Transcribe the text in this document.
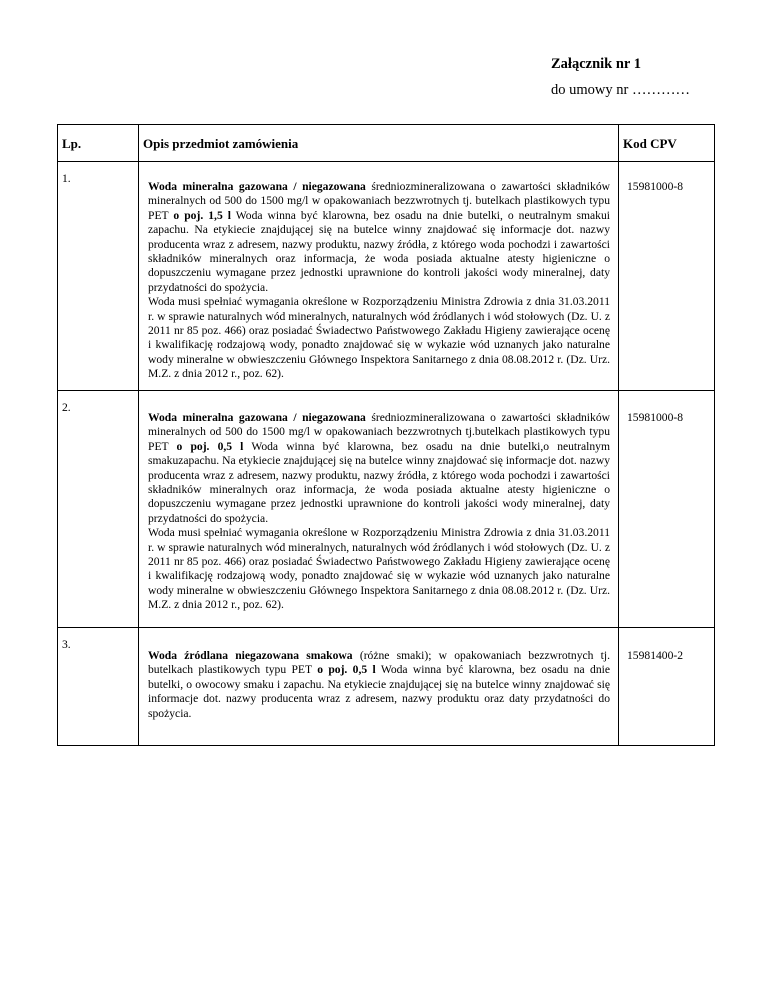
Załącznik nr 1
do umowy nr …………
Lp.	Opis przedmiot zamówienia	Kod CPV

1.	Woda mineralna gazowana / niegazowana średniozmineralizowana o zawartości składników mineralnych od 500 do 1500 mg/l w opakowaniach bezzwrotnych tj. butelkach plastikowych typu PET o poj. 1,5 l Woda winna być klarowna, bez osadu na dnie butelki, o neutralnym smakui zapachu. Na etykiecie znajdującej się na butelce winny znajdować się informacje dot. nazwy producenta wraz z adresem, nazwy produktu, nazwy źródła, z którego woda pochodzi i zawartości składników mineralnych oraz informacja, że woda posiada aktualne atesty higieniczne o dopuszczeniu wymagane przez jednostki uprawnione do kontroli jakości wody mineralnej, daty przydatności do spożycia.
Woda musi spełniać wymagania określone w Rozporządzeniu Ministra Zdrowia z dnia 31.03.2011 r. w sprawie naturalnych wód mineralnych, naturalnych wód źródlanych i wód stołowych (Dz. U. z 2011 nr 85 poz. 466) oraz posiadać Świadectwo Państwowego Zakładu Higieny zawierające ocenę i kwalifikację rodzajową wody, ponadto znajdować się w wykazie wód uznanych jako naturalne wody mineralne w obwieszczeniu Głównego Inspektora Sanitarnego z dnia 08.08.2012 r. (Dz. Urz. M.Z. z dnia 2012 r., poz. 62).	15981000-8

2.	Woda mineralna gazowana / niegazowana średniozmineralizowana o zawartości składników mineralnych od 500 do 1500 mg/l w opakowaniach bezzwrotnych tj.butelkach plastikowych typu PET o poj. 0,5 l Woda winna być klarowna, bez osadu na dnie butelki,o neutralnym smakuzapachu. Na etykiecie znajdującej się na butelce winny znajdować się informacje dot. nazwy producenta wraz z adresem, nazwy produktu, nazwy źródła, z którego woda pochodzi i zawartości składników mineralnych oraz informacja, że woda posiada aktualne atesty higieniczne o dopuszczeniu wymagane przez jednostki uprawnione do kontroli jakości wody mineralnej, daty przydatności do spożycia.
Woda musi spełniać wymagania określone w Rozporządzeniu Ministra Zdrowia z dnia 31.03.2011 r. w sprawie naturalnych wód mineralnych, naturalnych wód źródlanych i wód stołowych (Dz. U. z 2011 nr 85 poz. 466) oraz posiadać Świadectwo Państwowego Zakładu Higieny zawierające ocenę i kwalifikację rodzajową wody, ponadto znajdować się w wykazie wód uznanych jako naturalne wody mineralne w obwieszczeniu Głównego Inspektora Sanitarnego z dnia 08.08.2012 r. (Dz. Urz. M.Z. z dnia 2012 r., poz. 62).	15981000-8

3.	Woda źródlana niegazowana smakowa (różne smaki); w opakowaniach bezzwrotnych tj. butelkach plastikowych typu PET o poj. 0,5 l Woda winna być klarowna, bez osadu na dnie butelki, o owocowy smaku i zapachu. Na etykiecie znajdującej się na butelce winny znajdować się informacje dot. nazwy producenta wraz z adresem, nazwy produktu oraz daty przydatności do spożycia.	15981400-2
